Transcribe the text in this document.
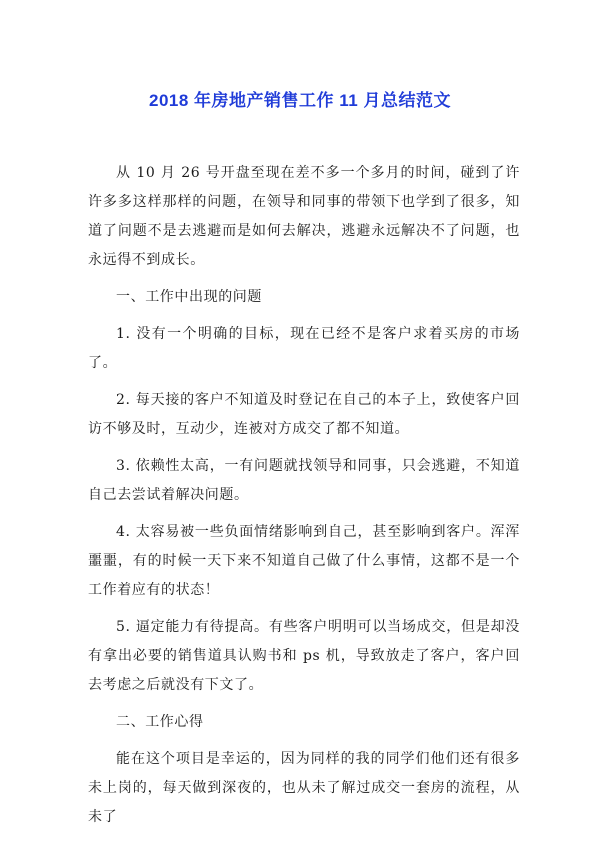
2018 年房地产销售工作 11 月总结范文

从 10 月 26 号开盘至现在差不多一个多月的时间，碰到了许许多多这样那样的问题，在领导和同事的带领下也学到了很多，知道了问题不是去逃避而是如何去解决，逃避永远解决不了问题，也永远得不到成长。

一、工作中出现的问题

1. 没有一个明确的目标，现在已经不是客户求着买房的市场了。

2. 每天接的客户不知道及时登记在自己的本子上，致使客户回访不够及时，互动少，连被对方成交了都不知道。

3. 依赖性太高，一有问题就找领导和同事，只会逃避，不知道自己去尝试着解决问题。

4. 太容易被一些负面情绪影响到自己，甚至影响到客户。浑浑噩噩，有的时候一天下来不知道自己做了什么事情，这都不是一个工作着应有的状态！

5. 逼定能力有待提高。有些客户明明可以当场成交，但是却没有拿出必要的销售道具认购书和 ps 机，导致放走了客户，客户回去考虑之后就没有下文了。

二、工作心得

能在这个项目是幸运的，因为同样的我的同学们他们还有很多未上岗的，每天做到深夜的，也从未了解过成交一套房的流程，从未了
